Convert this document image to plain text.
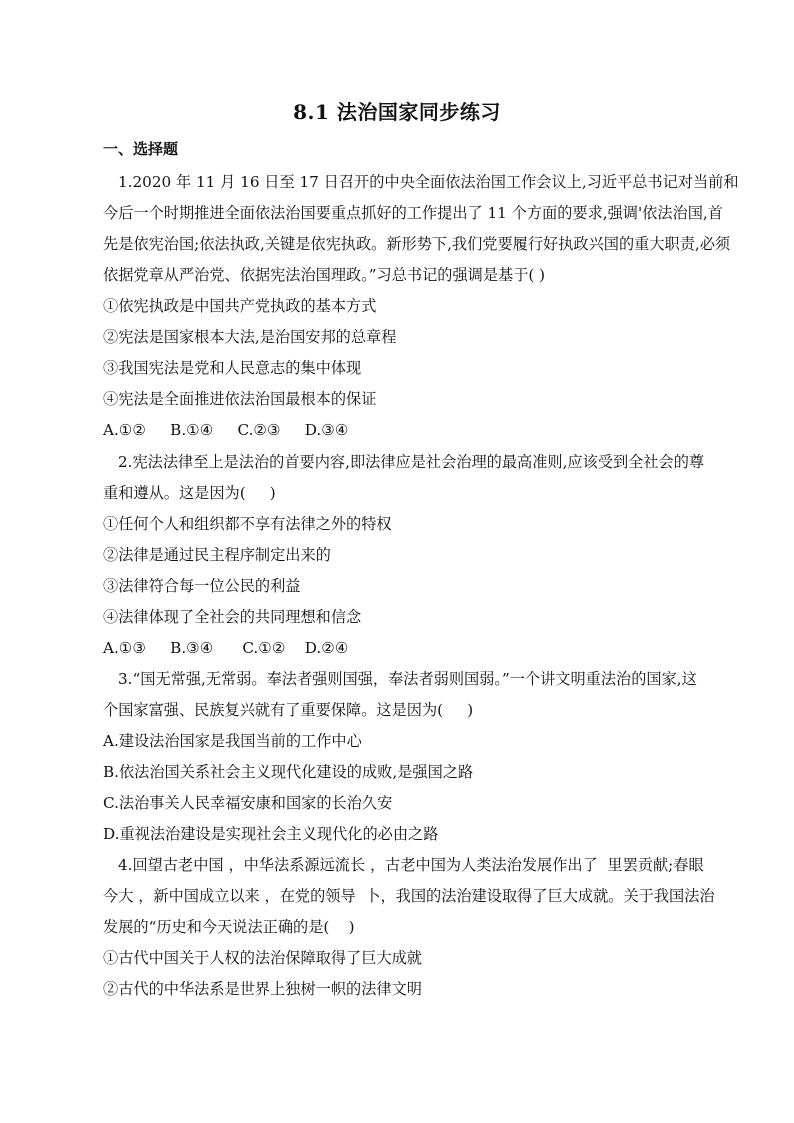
8.1 法治国家同步练习
一、选择题
1.2020 年 11 月 16 日至 17 日召开的中央全面依法治国工作会议上,习近平总书记对当前和
今后一个时期推进全面依法治国要重点抓好的工作提出了 11 个方面的要求,强调'依法治国,首
先是依宪治国;依法执政,关键是依宪执政。新形势下,我们党要履行好执政兴国的重大职责,必须
依据党章从严治党、依据宪法治国理政。”习总书记的强调是基于( )
①依宪执政是中国共产党执政的基本方式
②宪法是国家根本大法,是治国安邦的总章程
③我国宪法是党和人民意志的集中体现
④宪法是全面推进依法治国最根本的保证
A.①②     B.①④     C.②③     D.③④
2.宪法法律至上是法治的首要内容,即法律应是社会治理的最高准则,应该受到全社会的尊
重和遵从。这是因为(     )
①任何个人和组织都不享有法律之外的特权
②法律是通过民主程序制定出来的
③法律符合每一位公民的利益
④法律体现了全社会的共同理想和信念
A.①③     B.③④      C.①②    D.②④
3.“国无常强,无常弱。奉法者强则国强，奉法者弱则国弱。”一个讲文明重法治的国家,这
个国家富强、民族复兴就有了重要保障。这是因为(     )
A.建设法治国家是我国当前的工作中心
B.依法治国关系社会主义现代化建设的成败,是强国之路
C.法治事关人民幸福安康和国家的长治久安
D.重视法治建设是实现社会主义现代化的必由之路
4.回望古老中国 ，中华法系源远流长 ，古老中国为人类法治发展作出了  里罢贡献;春眼
今大 ，新中国成立以来 ，在党的领导  卜，我国的法治建设取得了巨大成就。关于我国法治
发展的“历史和今天说法正确的是(    )
①古代中国关于人权的法治保障取得了巨大成就
②古代的中华法系是世界上独树一帜的法律文明
